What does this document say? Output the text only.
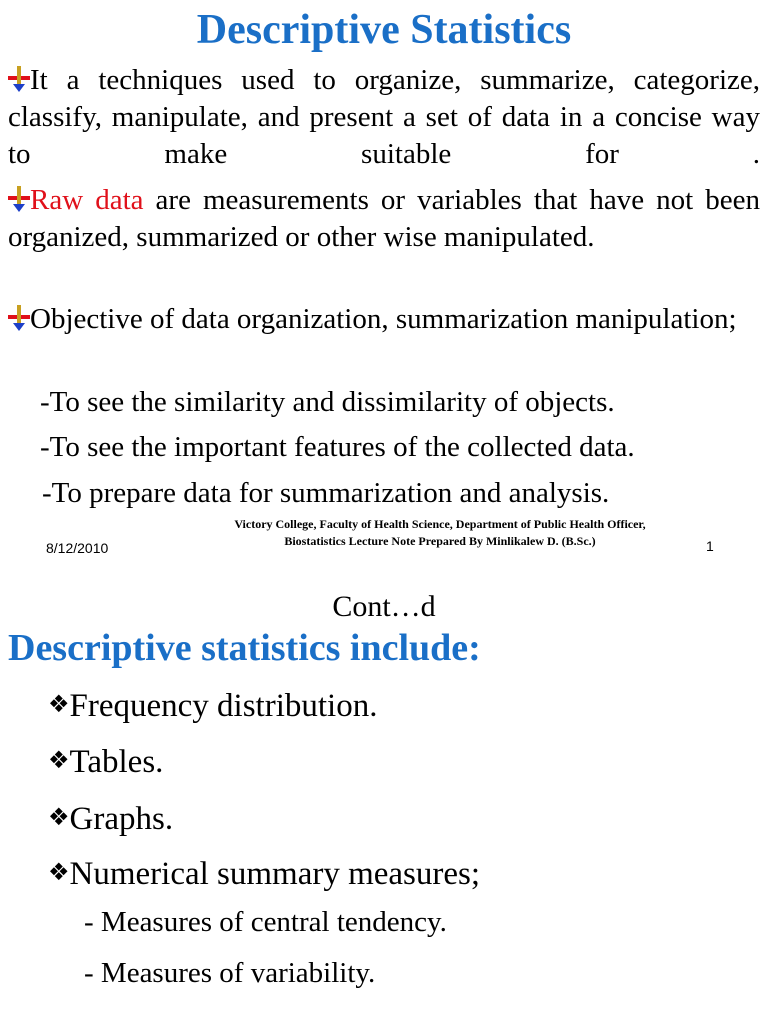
Descriptive Statistics
It a techniques used to organize, summarize, categorize, classify, manipulate, and present a set of data in a concise way to make suitable for .
Raw data are measurements or variables that have not been organized, summarized or other wise manipulated.
Objective of data organization, summarization manipulation;
-To see the similarity and dissimilarity of objects.
-To see the important features of the collected data.
-To prepare data for summarization and analysis.
8/12/2010
Victory College, Faculty of Health Science, Department of Public Health Officer, Biostatistics Lecture Note Prepared By Minlikalew D. (B.Sc.)	1
Cont…d
Descriptive statistics include:
❖Frequency distribution.
❖Tables.
❖Graphs.
❖Numerical summary measures;
- Measures of central tendency.
- Measures of variability.
